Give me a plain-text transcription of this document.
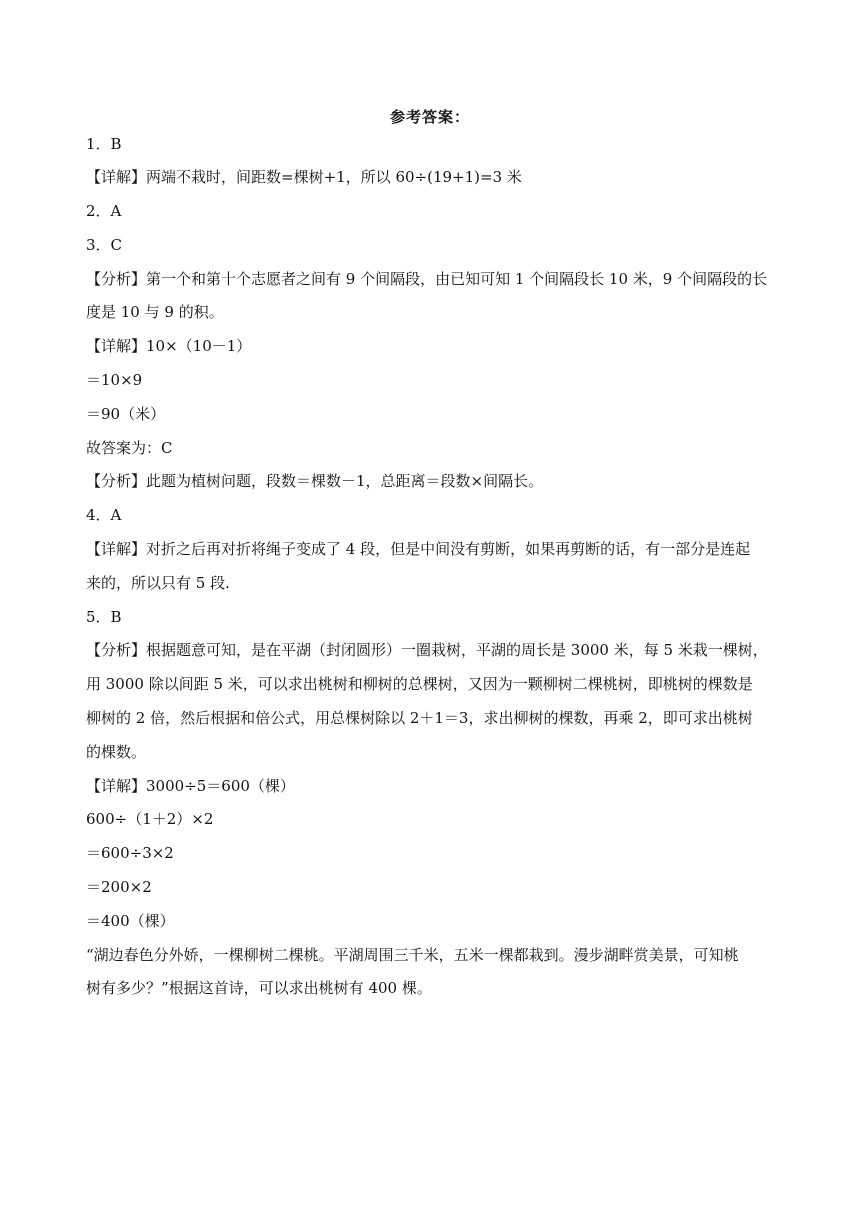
参考答案：
1．B
【详解】两端不栽时，间距数=棵树+1，所以 60÷(19+1)=3 米
2．A
3．C
【分析】第一个和第十个志愿者之间有 9 个间隔段，由已知可知 1 个间隔段长 10 米，9 个间隔段的长
度是 10 与 9 的积。
【详解】10×（10－1）
＝10×9
＝90（米）
故答案为：C
【分析】此题为植树问题，段数＝棵数－1，总距离＝段数×间隔长。
4．A
【详解】对折之后再对折将绳子变成了 4 段，但是中间没有剪断，如果再剪断的话，有一部分是连起
来的，所以只有 5 段.
5．B
【分析】根据题意可知，是在平湖（封闭圆形）一圈栽树，平湖的周长是 3000 米，每 5 米栽一棵树，
用 3000 除以间距 5 米，可以求出桃树和柳树的总棵树，又因为一颗柳树二棵桃树，即桃树的棵数是
柳树的 2 倍，然后根据和倍公式，用总棵树除以 2＋1＝3，求出柳树的棵数，再乘 2，即可求出桃树
的棵数。
【详解】3000÷5＝600（棵）
600÷（1＋2）×2
＝600÷3×2
＝200×2
＝400（棵）
“湖边春色分外娇，一棵柳树二棵桃。平湖周围三千米，五米一棵都栽到。漫步湖畔赏美景，可知桃
树有多少？”根据这首诗，可以求出桃树有 400 棵。
